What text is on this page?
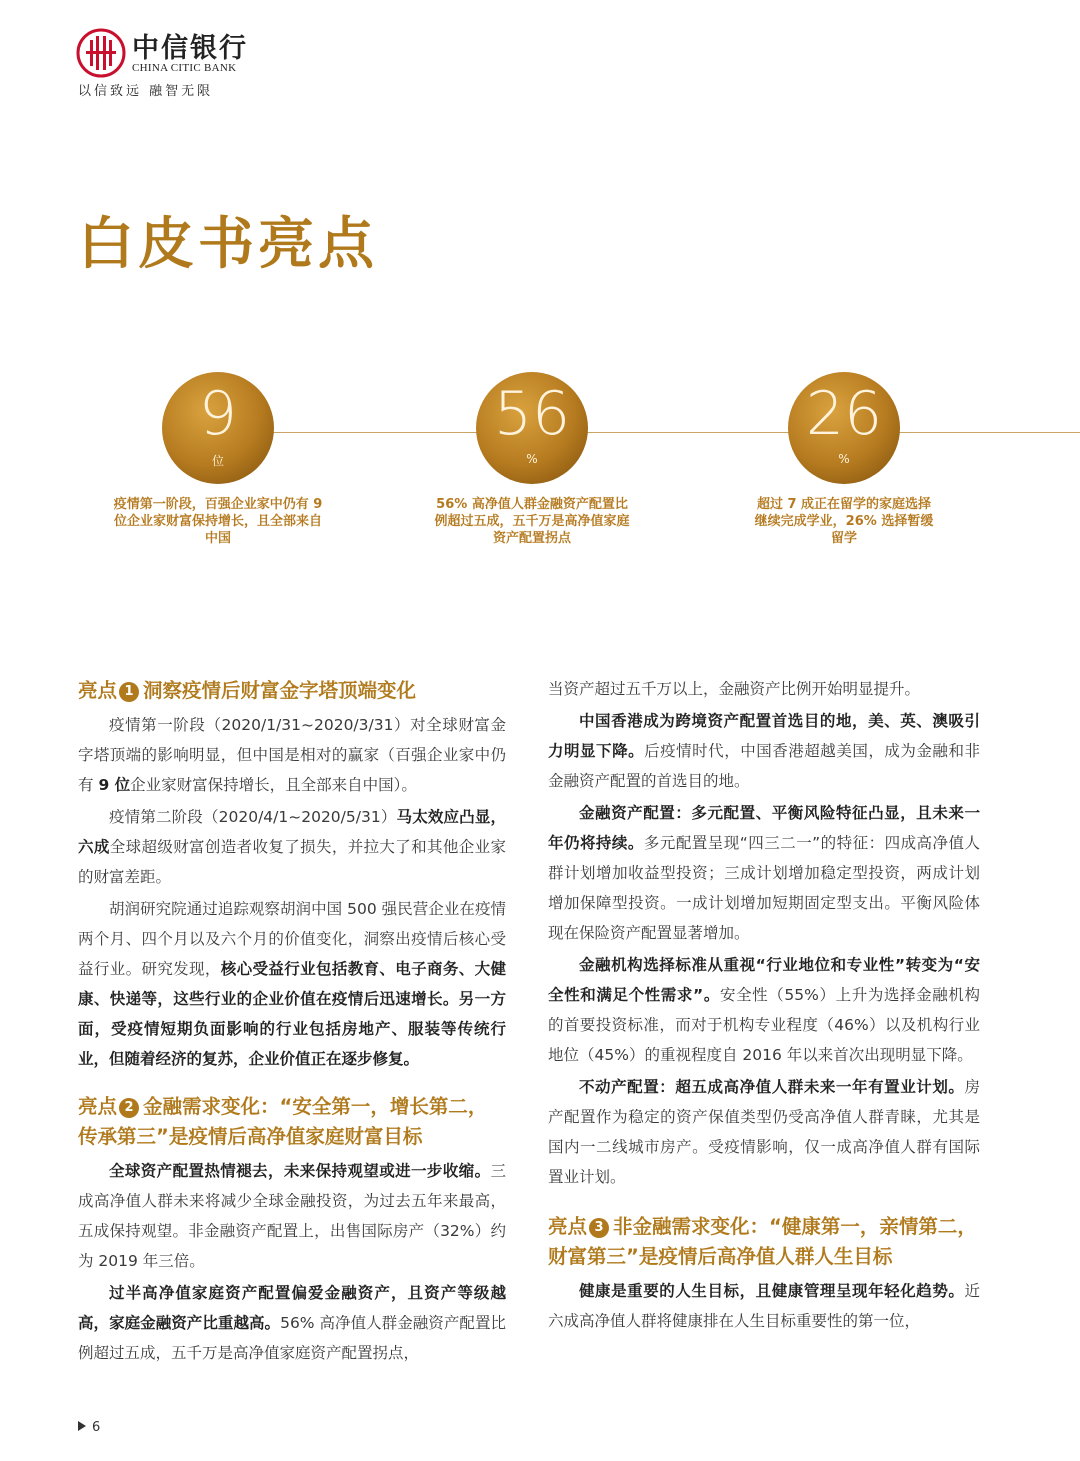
中信银行
CHINA CITIC BANK
以信致远 融智无限
白皮书亮点
9
位
疫情第一阶段，百强企业家中仍有 9 位企业家财富保持增长，且全部来自中国
56
%
56% 高净值人群金融资产配置比例超过五成，五千万是高净值家庭资产配置拐点
26
%
超过 7 成正在留学的家庭选择继续完成学业，26% 选择暂缓留学
亮点 1 洞察疫情后财富金字塔顶端变化

疫情第一阶段（2020/1/31~2020/3/31）对全球财富金字塔顶端的影响明显，但中国是相对的赢家（百强企业家中仍有 9 位企业家财富保持增长，且全部来自中国）。

疫情第二阶段（2020/4/1~2020/5/31）马太效应凸显，六成全球超级财富创造者收复了损失，并拉大了和其他企业家的财富差距。

胡润研究院通过追踪观察胡润中国 500 强民营企业在疫情两个月、四个月以及六个月的价值变化，洞察出疫情后核心受益行业。研究发现，核心受益行业包括教育、电子商务、大健康、快递等，这些行业的企业价值在疫情后迅速增长。另一方面，受疫情短期负面影响的行业包括房地产、服装等传统行业，但随着经济的复苏，企业价值正在逐步修复。

亮点 2 金融需求变化：“安全第一，增长第二，传承第三”是疫情后高净值家庭财富目标

全球资产配置热情褪去，未来保持观望或进一步收缩。三成高净值人群未来将减少全球金融投资，为过去五年来最高，五成保持观望。非金融资产配置上，出售国际房产（32%）约为 2019 年三倍。

过半高净值家庭资产配置偏爱金融资产，且资产等级越高，家庭金融资产比重越高。56% 高净值人群金融资产配置比例超过五成，五千万是高净值家庭资产配置拐点，

当资产超过五千万以上，金融资产比例开始明显提升。

中国香港成为跨境资产配置首选目的地，美、英、澳吸引力明显下降。后疫情时代，中国香港超越美国，成为金融和非金融资产配置的首选目的地。

金融资产配置：多元配置、平衡风险特征凸显，且未来一年仍将持续。多元配置呈现“四三二一”的特征：四成高净值人群计划增加收益型投资；三成计划增加稳定型投资，两成计划增加保障型投资。一成计划增加短期固定型支出。平衡风险体现在保险资产配置显著增加。

金融机构选择标准从重视“行业地位和专业性”转变为“安全性和满足个性需求”。安全性（55%）上升为选择金融机构的首要投资标准，而对于机构专业程度（46%）以及机构行业地位（45%）的重视程度自 2016 年以来首次出现明显下降。

不动产配置：超五成高净值人群未来一年有置业计划。房产配置作为稳定的资产保值类型仍受高净值人群青睐，尤其是国内一二线城市房产。受疫情影响，仅一成高净值人群有国际置业计划。

亮点 3 非金融需求变化：“健康第一，亲情第二，财富第三”是疫情后高净值人群人生目标

健康是重要的人生目标，且健康管理呈现年轻化趋势。近六成高净值人群将健康排在人生目标重要性的第一位，

6
